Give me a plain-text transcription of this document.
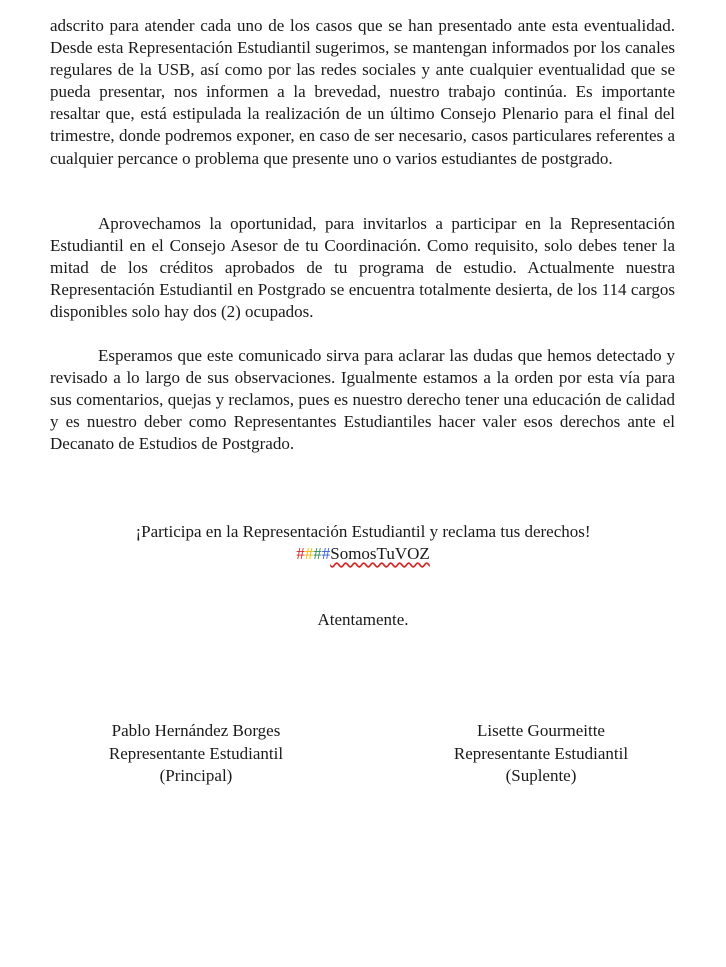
adscrito para atender cada uno de los casos que se han presentado ante esta eventualidad. Desde esta Representación Estudiantil sugerimos, se mantengan informados por los canales regulares de la USB, así como por las redes sociales y ante cualquier eventualidad que se pueda presentar, nos informen a la brevedad, nuestro trabajo continúa. Es importante resaltar que, está estipulada la realización de un último Consejo Plenario para el final del trimestre, donde podremos exponer, en caso de ser necesario, casos particulares referentes a cualquier percance o problema que presente uno o varios estudiantes de postgrado.

Aprovechamos la oportunidad, para invitarlos a participar en la Representación Estudiantil en el Consejo Asesor de tu Coordinación. Como requisito, solo debes tener la mitad de los créditos aprobados de tu programa de estudio. Actualmente nuestra Representación Estudiantil en Postgrado se encuentra totalmente desierta, de los 114 cargos disponibles solo hay dos (2) ocupados.

Esperamos que este comunicado sirva para aclarar las dudas que hemos detectado y revisado a lo largo de sus observaciones. Igualmente estamos a la orden por esta vía para sus comentarios, quejas y reclamos, pues es nuestro derecho tener una educación de calidad y es nuestro deber como Representantes Estudiantiles hacer valer esos derechos ante el Decanato de Estudios de Postgrado.

¡Participa en la Representación Estudiantil y reclama tus derechos!

####SomosTuVOZ

Atentamente.

Pablo Hernández Borges
Representante Estudiantil
(Principal)
Lisette Gourmeitte
Representante Estudiantil
(Suplente)
